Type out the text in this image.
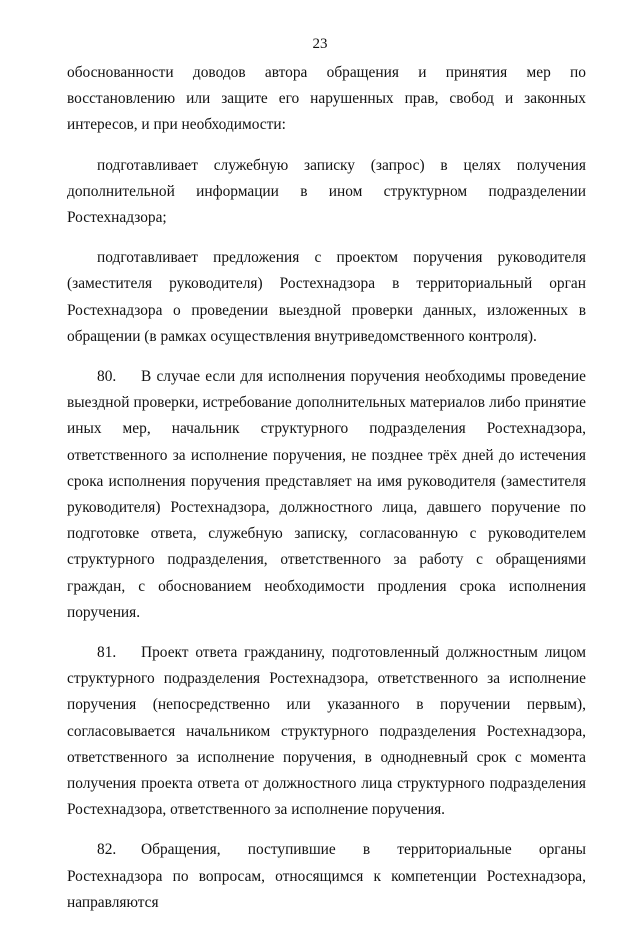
23

обоснованности доводов автора обращения и принятия мер по восстановлению или защите его нарушенных прав, свобод и законных интересов, и при необходимости:

подготавливает служебную записку (запрос) в целях получения дополнительной информации в ином структурном подразделении Ростехнадзора;

подготавливает предложения с проектом поручения руководителя (заместителя руководителя) Ростехнадзора в территориальный орган Ростехнадзора о проведении выездной проверки данных, изложенных в обращении (в рамках осуществления внутриведомственного контроля).

80. В случае если для исполнения поручения необходимы проведение выездной проверки, истребование дополнительных материалов либо принятие иных мер, начальник структурного подразделения Ростехнадзора, ответственного за исполнение поручения, не позднее трёх дней до истечения срока исполнения поручения представляет на имя руководителя (заместителя руководителя) Ростехнадзора, должностного лица, давшего поручение по подготовке ответа, служебную записку, согласованную с руководителем структурного подразделения, ответственного за работу с обращениями граждан, с обоснованием необходимости продления срока исполнения поручения.

81. Проект ответа гражданину, подготовленный должностным лицом структурного подразделения Ростехнадзора, ответственного за исполнение поручения (непосредственно или указанного в поручении первым), согласовывается начальником структурного подразделения Ростехнадзора, ответственного за исполнение поручения, в однодневный срок с момента получения проекта ответа от должностного лица структурного подразделения Ростехнадзора, ответственного за исполнение поручения.

82. Обращения, поступившие в территориальные органы Ростехнадзора по вопросам, относящимся к компетенции Ростехнадзора, направляются
